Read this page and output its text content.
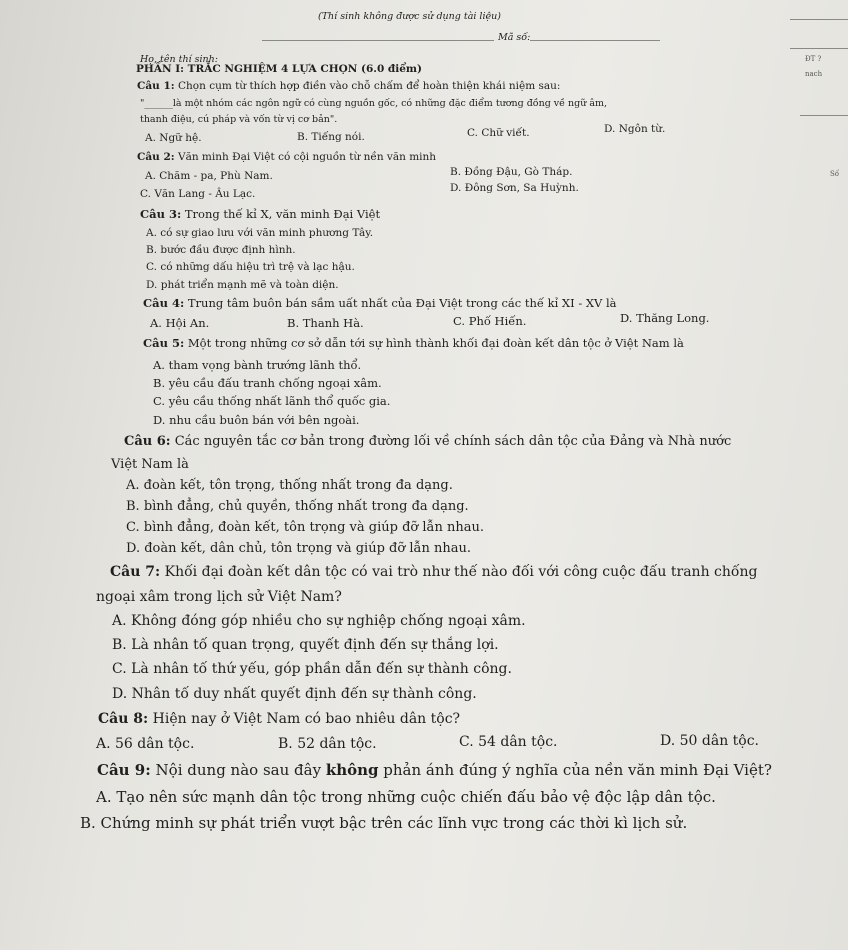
(Thí sinh không được sử dụng tài liệu)
Mã số:
Họ, tên thí sinh:	ĐT ?
nach
Số
PHẦN I: TRẮC NGHIỆM 4 LỰA CHỌN (6.0 điểm)
Câu 1: Chọn cụm từ thích hợp điền vào chỗ chấm để hoàn thiện khái niệm sau:
"______là một nhóm các ngôn ngữ có cùng nguồn gốc, có những đặc điểm tương đồng về ngữ âm,
thanh điệu, cú pháp và vốn từ vị cơ bản".
A. Ngữ hệ.	B. Tiếng nói.	C. Chữ viết.	D. Ngôn từ.
Câu 2: Văn minh Đại Việt có cội nguồn từ nền văn minh
A. Chăm - pa, Phù Nam.	B. Đồng Đậu, Gò Tháp.
C. Văn Lang - Âu Lạc.	D. Đông Sơn, Sa Huỳnh.
Câu 3: Trong thế kỉ X, văn minh Đại Việt
A. có sự giao lưu với văn minh phương Tây.
B. bước đầu được định hình.
C. có những dấu hiệu trì trệ và lạc hậu.
D. phát triển mạnh mẽ và toàn diện.
Câu 4: Trung tâm buôn bán sầm uất nhất của Đại Việt trong các thế kỉ XI - XV là
A. Hội An.	B. Thanh Hà.	C. Phố Hiến.	D. Thăng Long.
Câu 5: Một trong những cơ sở dẫn tới sự hình thành khối đại đoàn kết dân tộc ở Việt Nam là
A. tham vọng bành trướng lãnh thổ.
B. yêu cầu đấu tranh chống ngoại xâm.
C. yêu cầu thống nhất lãnh thổ quốc gia.
D. nhu cầu buôn bán với bên ngoài.
Câu 6: Các nguyên tắc cơ bản trong đường lối về chính sách dân tộc của Đảng và Nhà nước
Việt Nam là
A. đoàn kết, tôn trọng, thống nhất trong đa dạng.
B. bình đẳng, chủ quyền, thống nhất trong đa dạng.
C. bình đẳng, đoàn kết, tôn trọng và giúp đỡ lẫn nhau.
D. đoàn kết, dân chủ, tôn trọng và giúp đỡ lẫn nhau.
Câu 7: Khối đại đoàn kết dân tộc có vai trò như thế nào đối với công cuộc đấu tranh chống
ngoại xâm trong lịch sử Việt Nam?
A. Không đóng góp nhiều cho sự nghiệp chống ngoại xâm.
B. Là nhân tố quan trọng, quyết định đến sự thắng lợi.
C. Là nhân tố thứ yếu, góp phần dẫn đến sự thành công.
D. Nhân tố duy nhất quyết định đến sự thành công.
Câu 8: Hiện nay ở Việt Nam có bao nhiêu dân tộc?
A. 56 dân tộc.	B. 52 dân tộc.	C. 54 dân tộc.	D. 50 dân tộc.
Câu 9: Nội dung nào sau đây không phản ánh đúng ý nghĩa của nền văn minh Đại Việt?
A. Tạo nên sức mạnh dân tộc trong những cuộc chiến đấu bảo vệ độc lập dân tộc.
B. Chứng minh sự phát triển vượt bậc trên các lĩnh vực trong các thời kì lịch sử.
